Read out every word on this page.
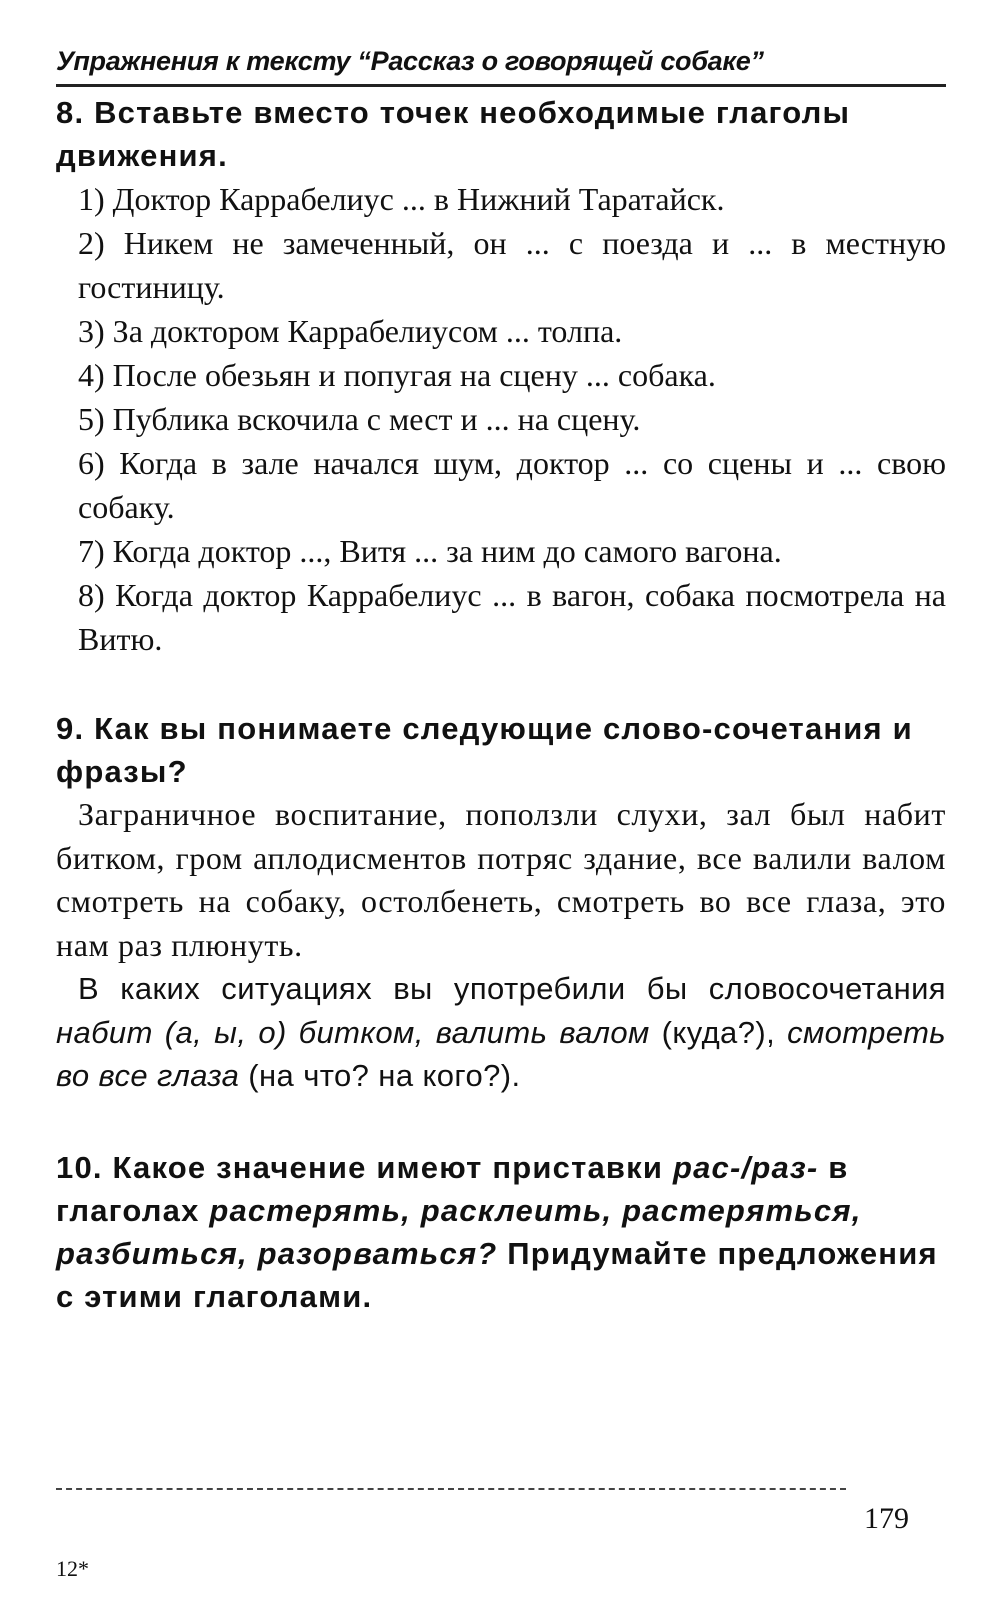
Упражнения к тексту “Рассказ о говорящей собаке”

8. Вставьте вместо точек необходимые глаголы движения.

1) Доктор Каррабелиус ... в Нижний Таратайск.
2) Никем не замеченный, он ... с поезда и ... в местную гостиницу.
3) За доктором Каррабелиусом ... толпа.
4) После обезьян и попугая на сцену ... собака.
5) Публика вскочила с мест и ... на сцену.
6) Когда в зале начался шум, доктор ... со сцены и ... свою собаку.
7) Когда доктор ..., Витя ... за ним до самого вагона.
8) Когда доктор Каррабелиус ... в вагон, собака посмотрела на Витю.

9. Как вы понимаете следующие слово-сочетания и фразы?

Заграничное воспитание, поползли слухи, зал был набит битком, гром аплодисментов потряс здание, все валили валом смотреть на собаку, остолбенеть, смотреть во все глаза, это нам раз плюнуть.

В каких ситуациях вы употребили бы словосочетания набит (а, ы, о) битком, валить валом (куда?), смотреть во все глаза (на что? на кого?).

10. Какое значение имеют приставки рас-/раз- в глаголах растерять, расклеить, растеряться, разбиться, разорваться? Придумайте предложения с этими глаголами.

179
12*
